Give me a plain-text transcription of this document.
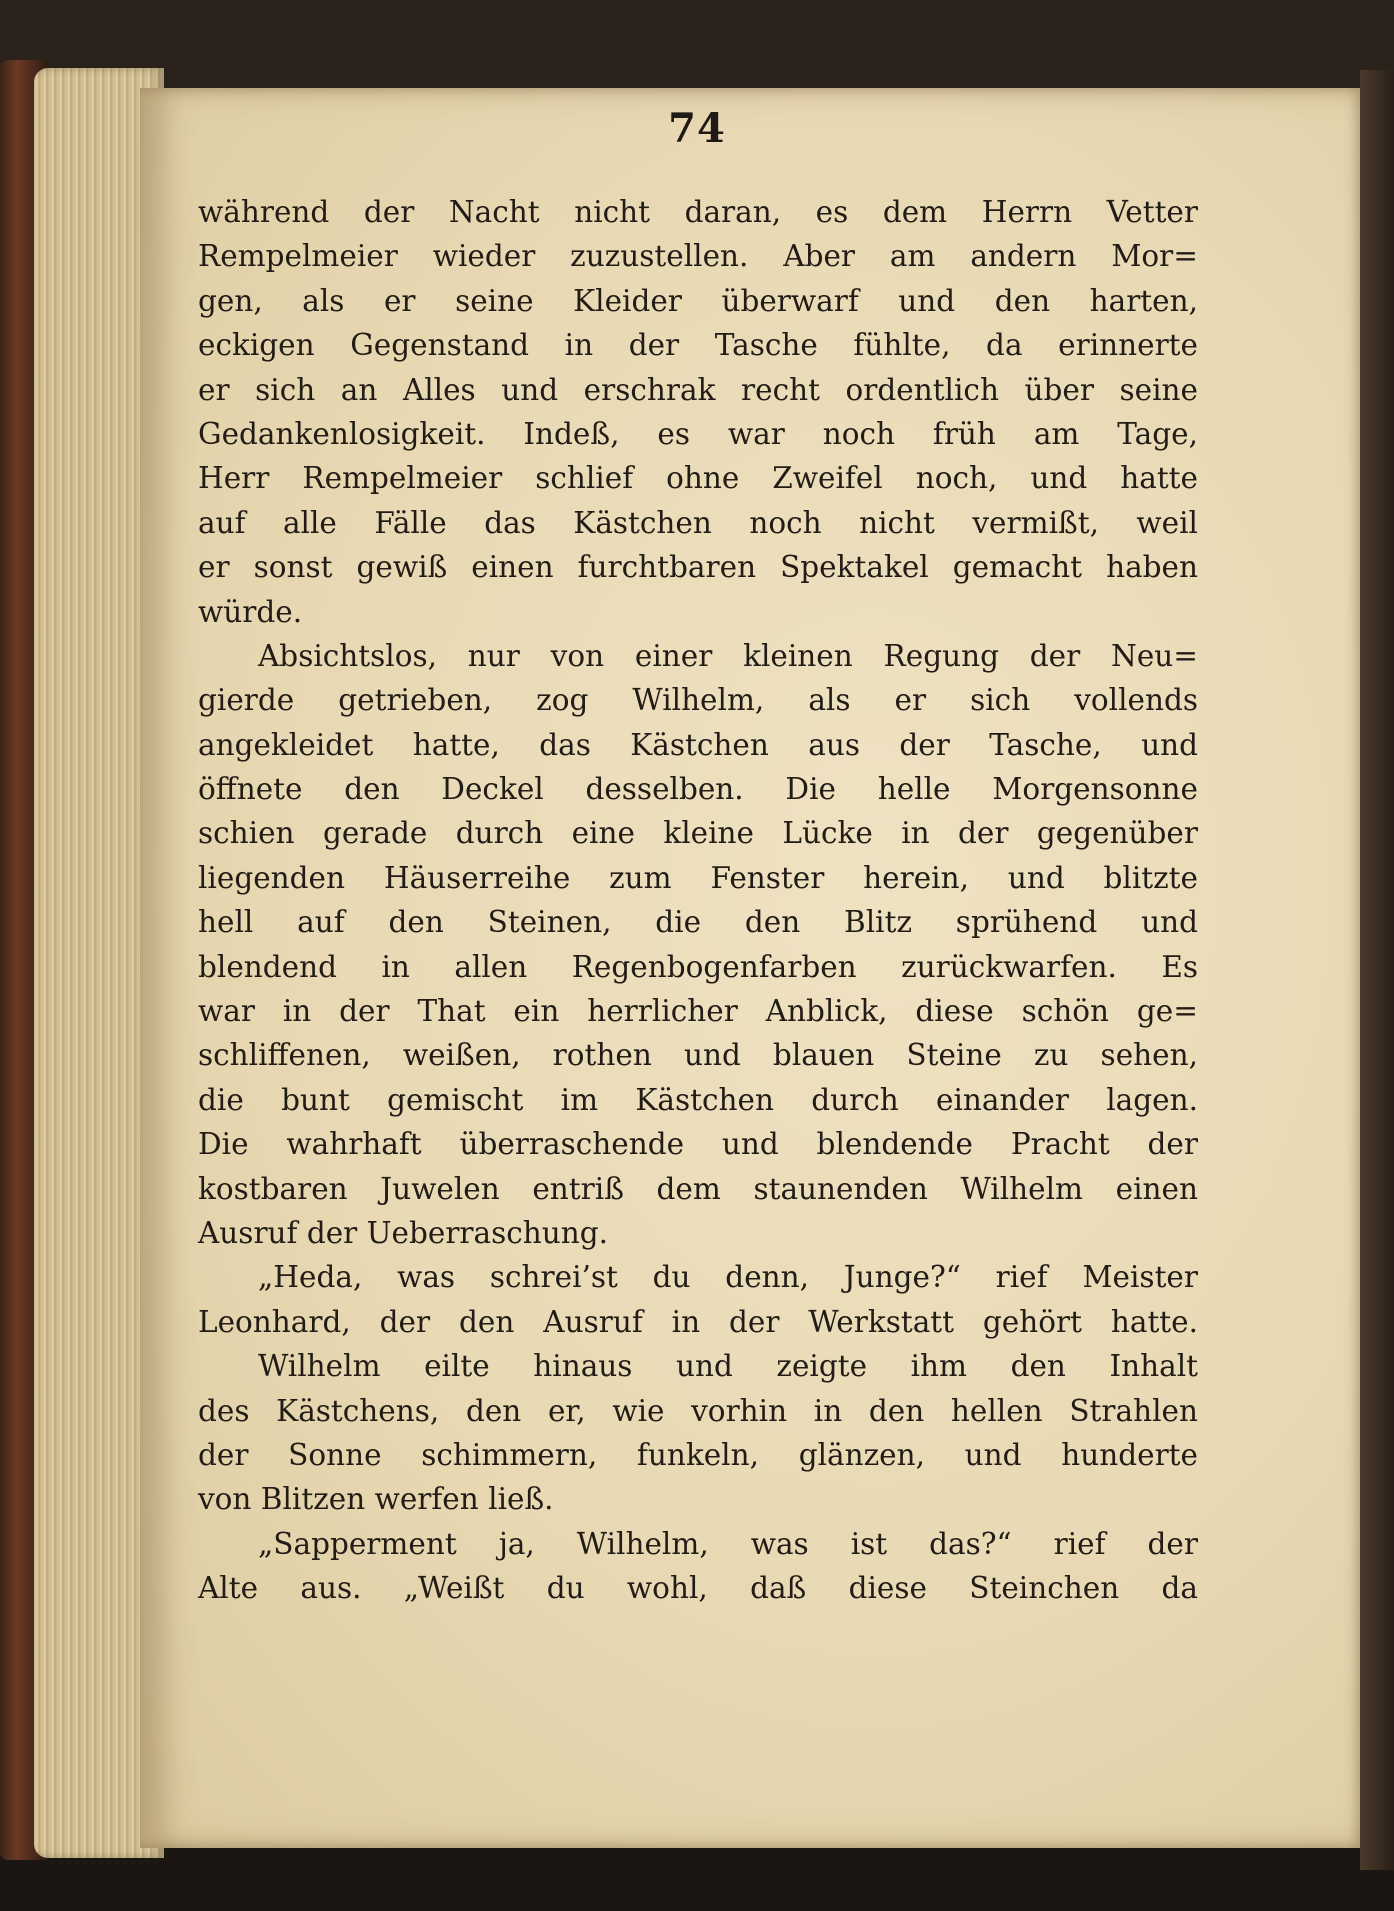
74
während der Nacht nicht daran, es dem Herrn Vetter
Rempelmeier wieder zuzustellen. Aber am andern Mor=
gen, als er seine Kleider überwarf und den harten,
eckigen Gegenstand in der Tasche fühlte, da erinnerte
er sich an Alles und erschrak recht ordentlich über seine
Gedankenlosigkeit. Indeß, es war noch früh am Tage,
Herr Rempelmeier schlief ohne Zweifel noch, und hatte
auf alle Fälle das Kästchen noch nicht vermißt, weil
er sonst gewiß einen furchtbaren Spektakel gemacht haben
würde.
Absichtslos, nur von einer kleinen Regung der Neu=
gierde getrieben, zog Wilhelm, als er sich vollends
angekleidet hatte, das Kästchen aus der Tasche, und
öffnete den Deckel desselben. Die helle Morgensonne
schien gerade durch eine kleine Lücke in der gegenüber
liegenden Häuserreihe zum Fenster herein, und blitzte
hell auf den Steinen, die den Blitz sprühend und
blendend in allen Regenbogenfarben zurückwarfen. Es
war in der That ein herrlicher Anblick, diese schön ge=
schliffenen, weißen, rothen und blauen Steine zu sehen,
die bunt gemischt im Kästchen durch einander lagen.
Die wahrhaft überraschende und blendende Pracht der
kostbaren Juwelen entriß dem staunenden Wilhelm einen
Ausruf der Ueberraschung.
„Heda, was schrei’st du denn, Junge?“ rief Meister
Leonhard, der den Ausruf in der Werkstatt gehört hatte.
Wilhelm eilte hinaus und zeigte ihm den Inhalt
des Kästchens, den er, wie vorhin in den hellen Strahlen
der Sonne schimmern, funkeln, glänzen, und hunderte
von Blitzen werfen ließ.
„Sapperment ja, Wilhelm, was ist das?“ rief der
Alte aus. „Weißt du wohl, daß diese Steinchen da
